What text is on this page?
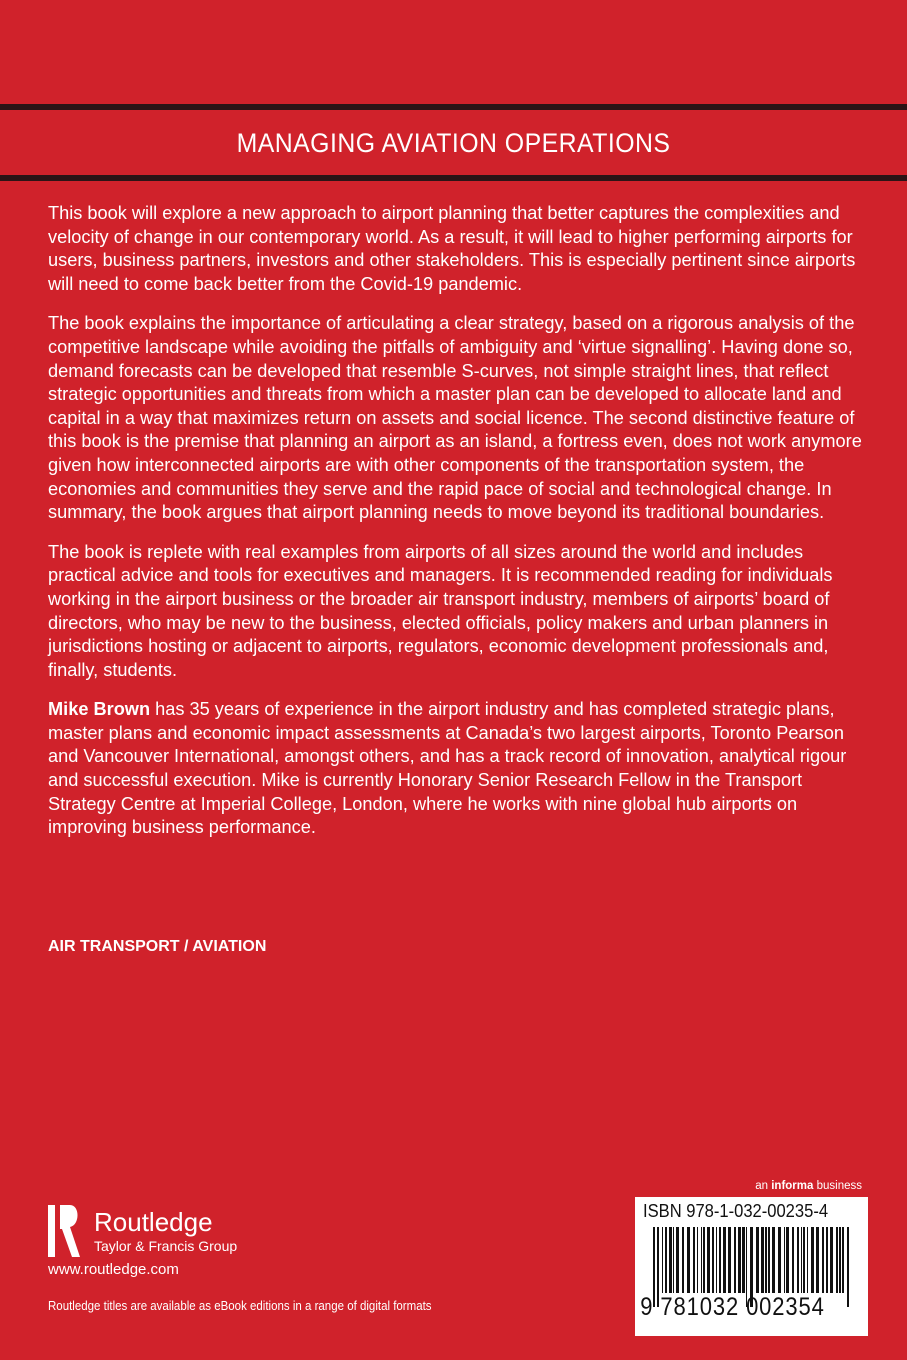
MANAGING AVIATION OPERATIONS

This book will explore a new approach to airport planning that better captures the complexities and velocity of change in our contemporary world. As a result, it will lead to higher performing airports for users, business partners, investors and other stakeholders. This is especially pertinent since airports will need to come back better from the Covid-19 pandemic.

The book explains the importance of articulating a clear strategy, based on a rigorous analysis of the competitive landscape while avoiding the pitfalls of ambiguity and ‘virtue signalling’. Having done so, demand forecasts can be developed that resemble S-curves, not simple straight lines, that reflect strategic opportunities and threats from which a master plan can be developed to allocate land and capital in a way that maximizes return on assets and social licence. The second distinctive feature of this book is the premise that planning an airport as an island, a fortress even, does not work anymore given how interconnected airports are with other components of the transportation system, the economies and communities they serve and the rapid pace of social and technological change. In summary, the book argues that airport planning needs to move beyond its traditional boundaries.

The book is replete with real examples from airports of all sizes around the world and includes practical advice and tools for executives and managers. It is recommended reading for individuals working in the airport business or the broader air transport industry, members of airports’ board of directors, who may be new to the business, elected officials, policy makers and urban planners in jurisdictions hosting or adjacent to airports, regulators, economic development professionals and, finally, students.

Mike Brown has 35 years of experience in the airport industry and has completed strategic plans, master plans and economic impact assessments at Canada’s two largest airports, Toronto Pearson and Vancouver International, amongst others, and has a track record of innovation, analytical rigour and successful execution. Mike is currently Honorary Senior Research Fellow in the Transport Strategy Centre at Imperial College, London, where he works with nine global hub airports on improving business performance.

AIR TRANSPORT / AVIATION
Routledge
Taylor & Francis Group
www.routledge.com
Routledge titles are available as eBook editions in a range of digital formats
an informa business
ISBN 978-1-032-00235-4
9 781032 002354
